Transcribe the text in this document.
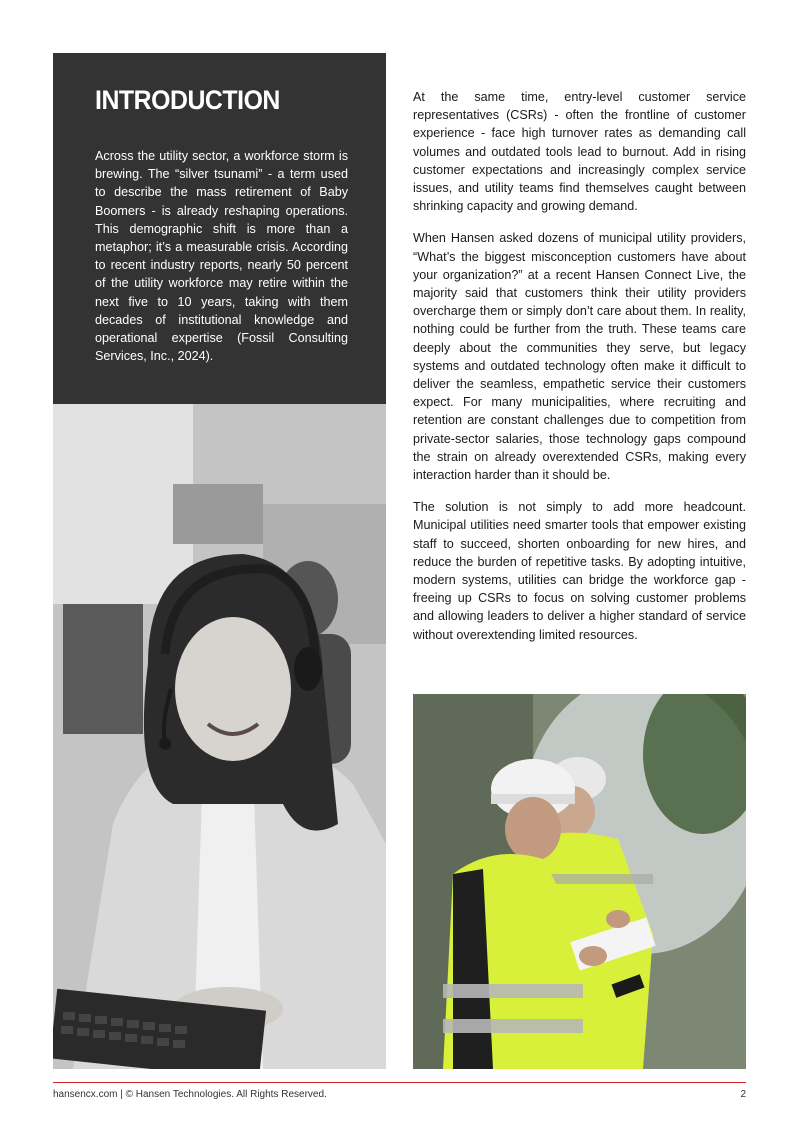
INTRODUCTION

Across the utility sector, a workforce storm is brewing. The “silver tsunami” - a term used to describe the mass retirement of Baby Boomers - is already reshaping operations. This demographic shift is more than a metaphor; it’s a measurable crisis. According to recent industry reports, nearly 50 percent of the utility workforce may retire within the next five to 10 years, taking with them decades of institutional knowledge and operational expertise (Fossil Consulting Services, Inc., 2024).

At the same time, entry-level customer service representatives (CSRs) - often the frontline of customer experience - face high turnover rates as demanding call volumes and outdated tools lead to burnout. Add in rising customer expectations and increasingly complex service issues, and utility teams find themselves caught between shrinking capacity and growing demand.

When Hansen asked dozens of municipal utility providers, “What’s the biggest misconception customers have about your organization?” at a recent Hansen Connect Live, the majority said that customers think their utility providers overcharge them or simply don’t care about them. In reality, nothing could be further from the truth. These teams care deeply about the communities they serve, but legacy systems and outdated technology often make it difficult to deliver the seamless, empathetic service their customers expect. For many municipalities, where recruiting and retention are constant challenges due to competition from private-sector salaries, those technology gaps compound the strain on already overextended CSRs, making every interaction harder than it should be.

The solution is not simply to add more headcount. Municipal utilities need smarter tools that empower existing staff to succeed, shorten onboarding for new hires, and reduce the burden of repetitive tasks. By adopting intuitive, modern systems, utilities can bridge the workforce gap - freeing up CSRs to focus on solving customer problems and allowing leaders to deliver a higher standard of service without overextending limited resources.

hansencx.com | © Hansen Technologies. All Rights Reserved.	2
